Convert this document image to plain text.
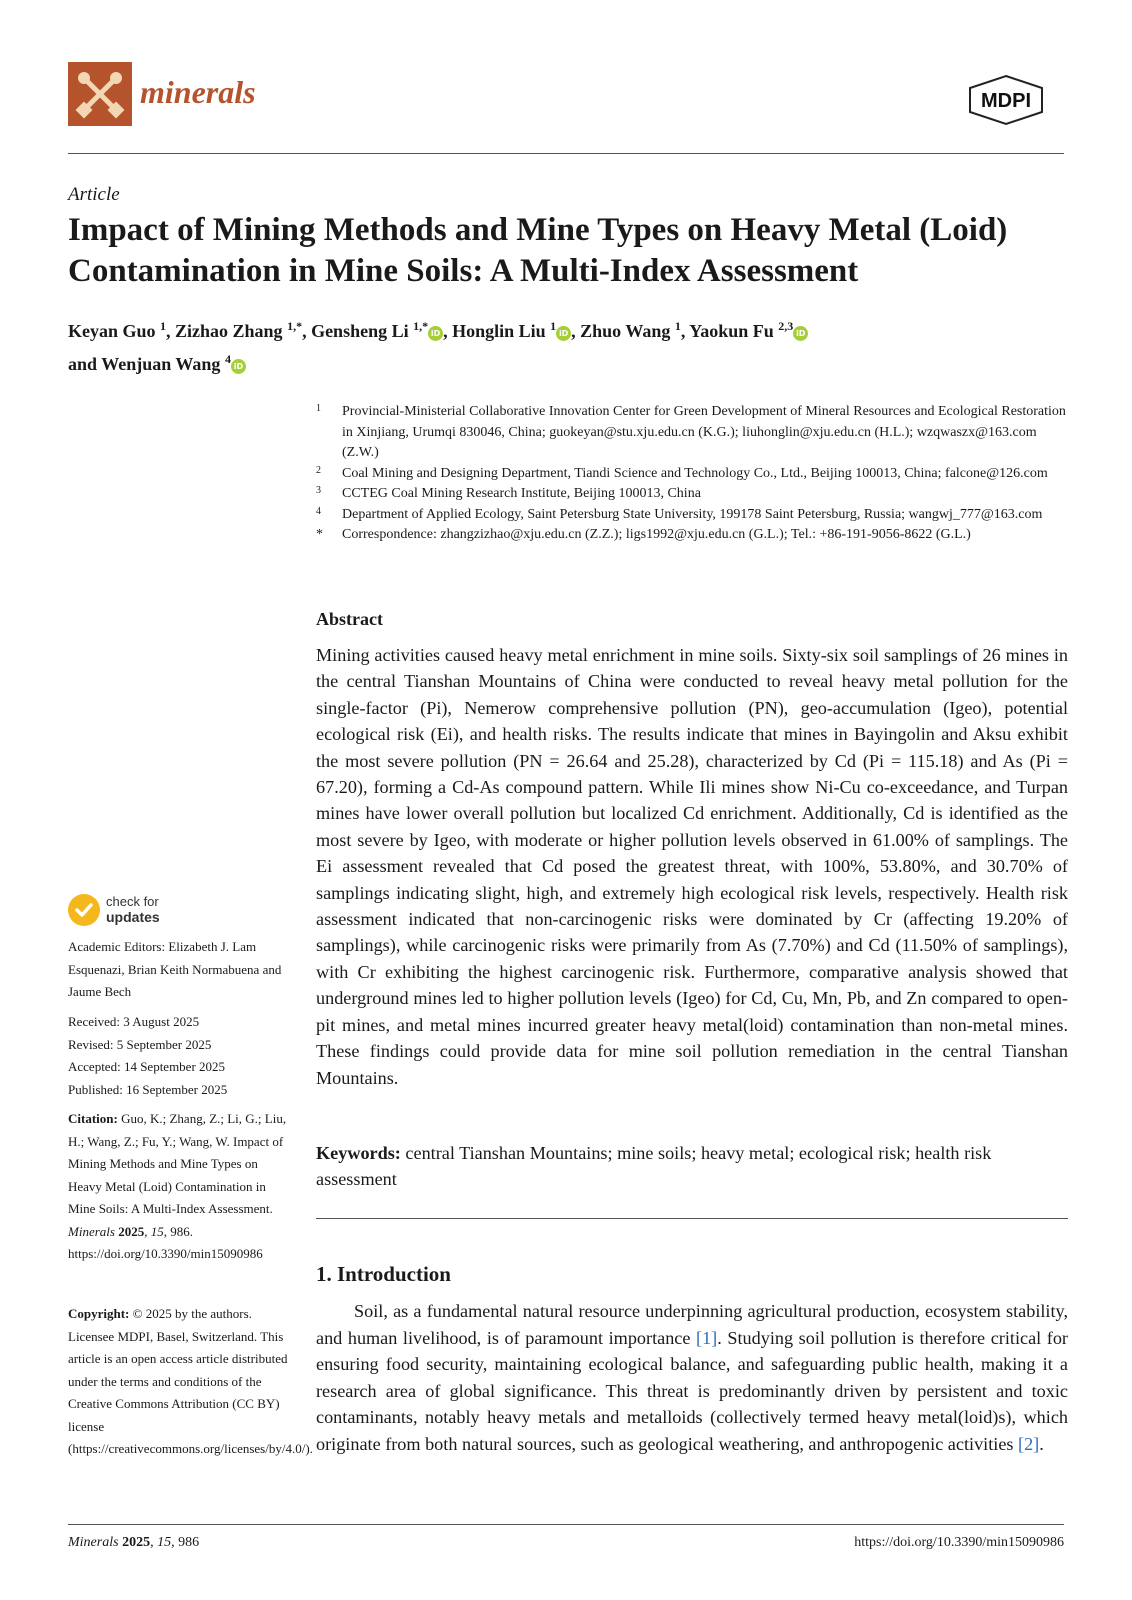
minerals	MDPI
Article
Impact of Mining Methods and Mine Types on Heavy Metal (Loid) Contamination in Mine Soils: A Multi-Index Assessment
Keyan Guo $^1$, Zizhao Zhang $^{1,*}$, Gensheng Li $^{1,*}$iD , Honglin Liu $^1$iD , Zhuo Wang $^1$, Yaokun Fu $^{2,3}$iD
and Wenjuan Wang $^4$iD
1 Provincial-Ministerial Collaborative Innovation Center for Green Development of Mineral Resources and Ecological Restoration in Xinjiang, Urumqi 830046, China; guokeyan@stu.xju.edu.cn (K.G.); liuhonglin@xju.edu.cn (H.L.); wzqwaszx@163.com (Z.W.)
2 Coal Mining and Designing Department, Tiandi Science and Technology Co., Ltd., Beijing 100013, China; falcone@126.com
3 CCTEG Coal Mining Research Institute, Beijing 100013, China
4 Department of Applied Ecology, Saint Petersburg State University, 199178 Saint Petersburg, Russia; wangwj_777@163.com
* Correspondence: zhangzizhao@xju.edu.cn (Z.Z.); ligs1992@xju.edu.cn (G.L.); Tel.: +86-191-9056-8622 (G.L.)
Abstract
Mining activities caused heavy metal enrichment in mine soils. Sixty-six soil samplings of 26 mines in the central Tianshan Mountains of China were conducted to reveal heavy metal pollution for the single-factor (Pi), Nemerow comprehensive pollution (PN), geo-accumulation (Igeo), potential ecological risk (Ei), and health risks. The results indicate that mines in Bayingolin and Aksu exhibit the most severe pollution (PN = 26.64 and 25.28), characterized by Cd (Pi = 115.18) and As (Pi = 67.20), forming a Cd-As compound pattern. While Ili mines show Ni-Cu co-exceedance, and Turpan mines have lower overall pollution but localized Cd enrichment. Additionally, Cd is identified as the most severe by Igeo, with moderate or higher pollution levels observed in 61.00% of samplings. The Ei assessment revealed that Cd posed the greatest threat, with 100%, 53.80%, and 30.70% of samplings indicating slight, high, and extremely high ecological risk levels, respectively. Health risk assessment indicated that non-carcinogenic risks were dominated by Cr (affecting 19.20% of samplings), while carcinogenic risks were primarily from As (7.70%) and Cd (11.50% of samplings), with Cr exhibiting the highest carcinogenic risk. Furthermore, comparative analysis showed that underground mines led to higher pollution levels (Igeo) for Cd, Cu, Mn, Pb, and Zn compared to open-pit mines, and metal mines incurred greater heavy metal(loid) contamination than non-metal mines. These findings could provide data for mine soil pollution remediation in the central Tianshan Mountains.
Keywords: central Tianshan Mountains; mine soils; heavy metal; ecological risk; health risk assessment
1. Introduction
Soil, as a fundamental natural resource underpinning agricultural production, ecosystem stability, and human livelihood, is of paramount importance [1]. Studying soil pollution is therefore critical for ensuring food security, maintaining ecological balance, and safeguarding public health, making it a research area of global significance. This threat is predominantly driven by persistent and toxic contaminants, notably heavy metals and metalloids (collectively termed heavy metal(loid)s), which originate from both natural sources, such as geological weathering, and anthropogenic activities [2].
check for
updates
Academic Editors: Elizabeth J. Lam Esquenazi, Brian Keith Normabuena and Jaume Bech
Received: 3 August 2025
Revised: 5 September 2025
Accepted: 14 September 2025
Published: 16 September 2025
Citation: Guo, K.; Zhang, Z.; Li, G.; Liu, H.; Wang, Z.; Fu, Y.; Wang, W. Impact of Mining Methods and Mine Types on Heavy Metal (Loid) Contamination in Mine Soils: A Multi-Index Assessment. Minerals 2025, 15, 986. https://doi.org/10.3390/min15090986
Copyright: © 2025 by the authors. Licensee MDPI, Basel, Switzerland. This article is an open access article distributed under the terms and conditions of the Creative Commons Attribution (CC BY) license (https://creativecommons.org/licenses/by/4.0/).
Minerals 2025, 15, 986	https://doi.org/10.3390/min15090986
